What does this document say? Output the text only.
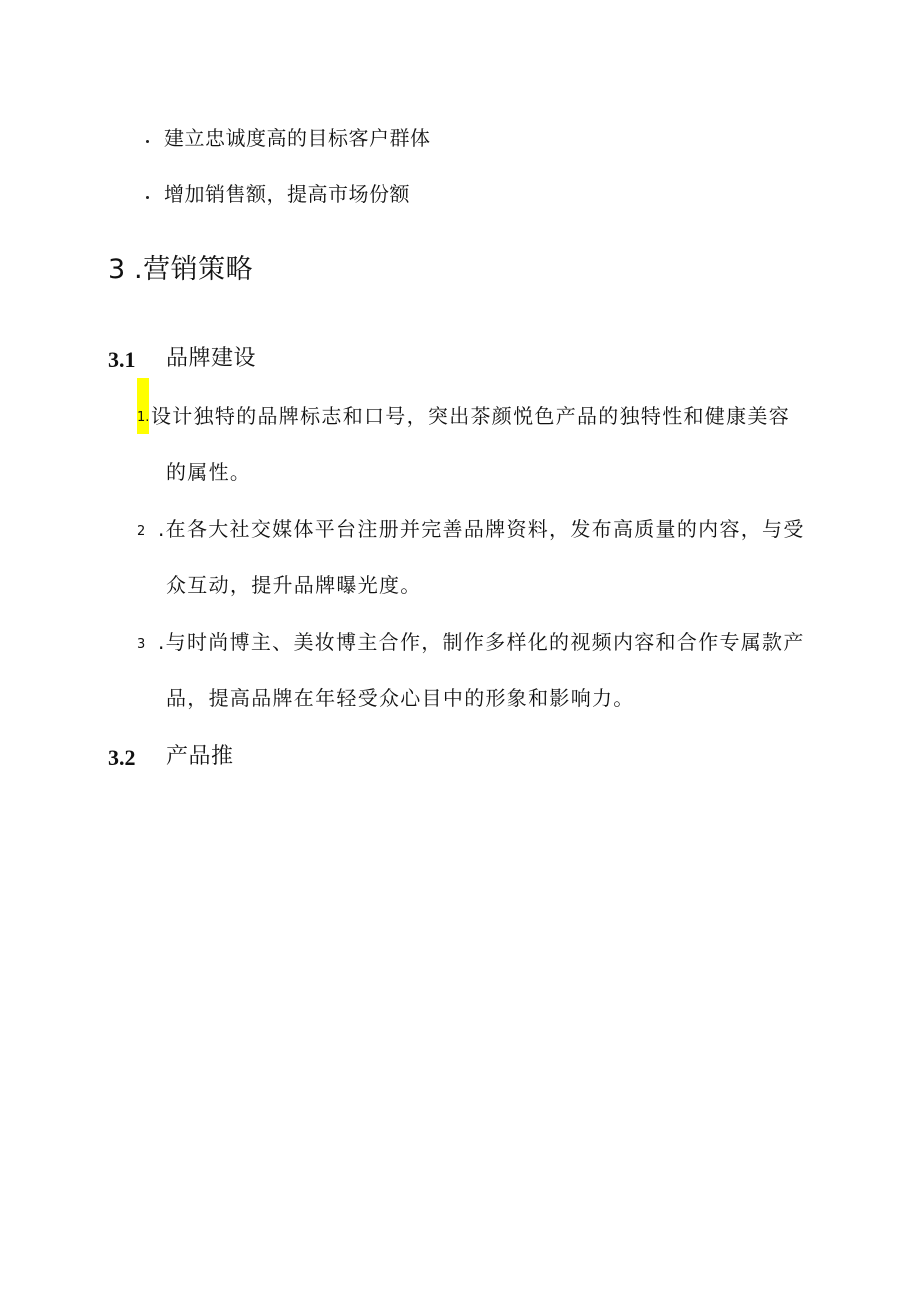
建立忠诚度高的目标客户群体
增加销售额，提高市场份额
3 .营销策略
3.1 品牌建设
1. 设计独特的品牌标志和口号，突出茶颜悦色产品的独特性和健康美容
的属性。
2 .在各大社交媒体平台注册并完善品牌资料，发布高质量的内容，与受
众互动，提升品牌曝光度。
3 .与时尚博主、美妆博主合作，制作多样化的视频内容和合作专属款产
品，提高品牌在年轻受众心目中的形象和影响力。
3.2 产品推
